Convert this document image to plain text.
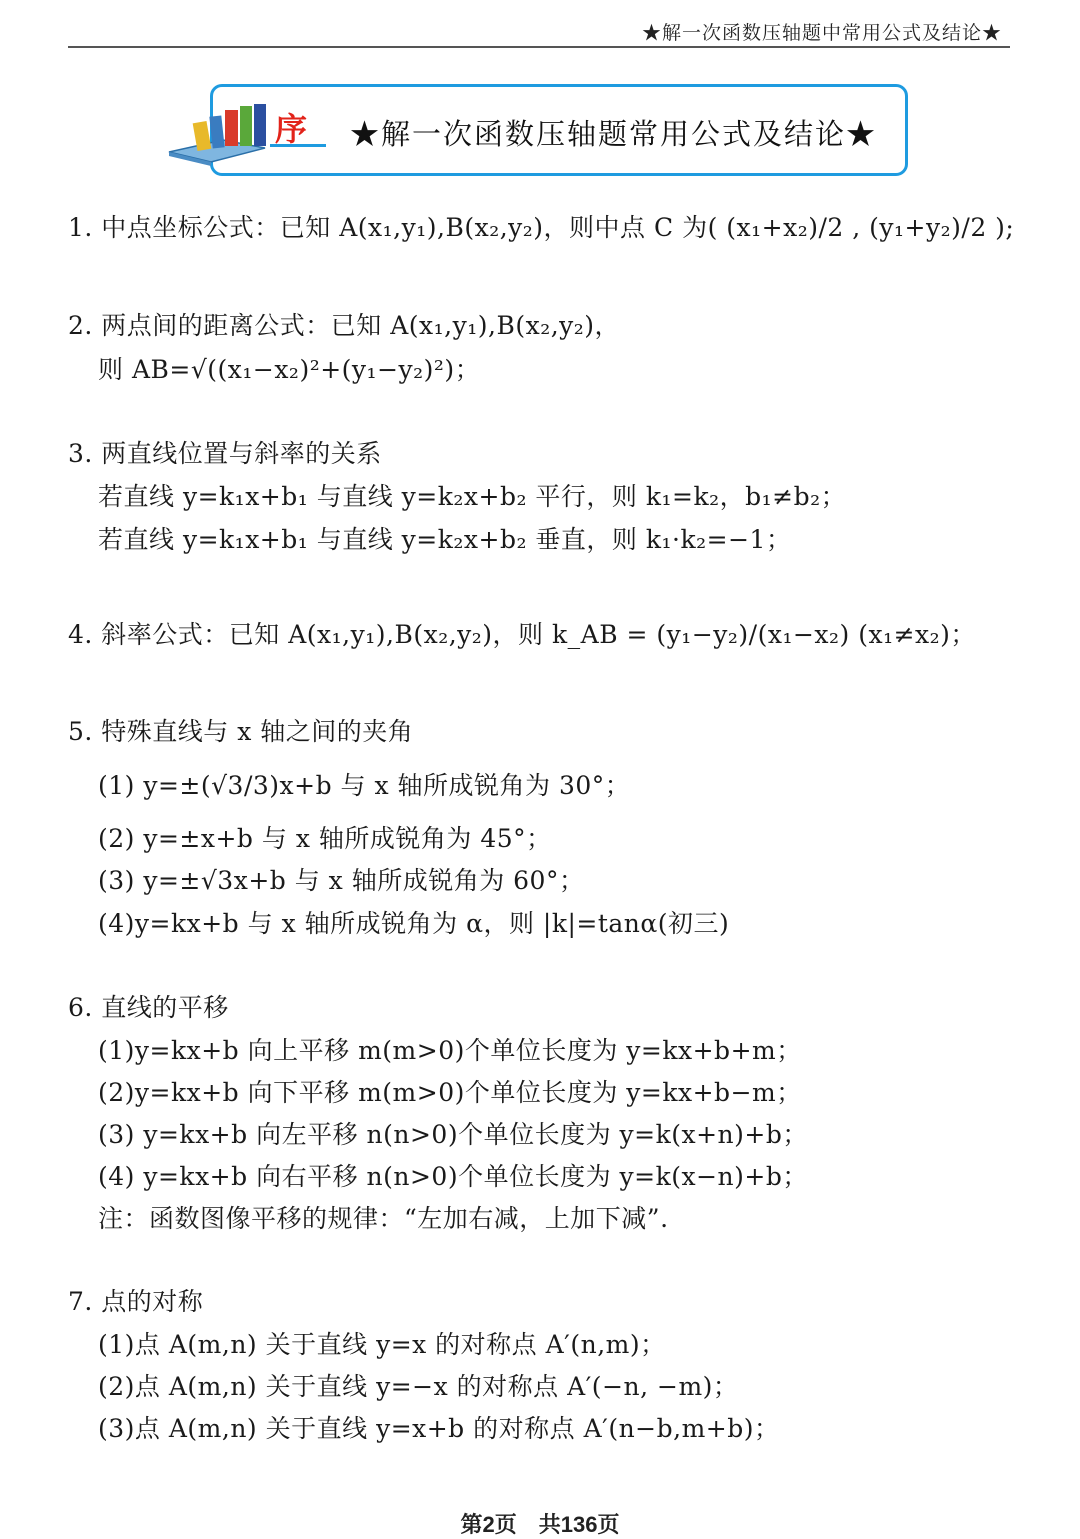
★解一次函数压轴题中常用公式及结论★
序 ★解一次函数压轴题常用公式及结论★
1. 中点坐标公式：已知 A(x₁,y₁),B(x₂,y₂)，则中点 C 为( (x₁+x₂)/2 , (y₁+y₂)/2 );
2. 两点间的距离公式：已知 A(x₁,y₁),B(x₂,y₂)，
则 AB=√((x₁−x₂)²+(y₁−y₂)²)；
3. 两直线位置与斜率的关系
若直线 y=k₁x+b₁ 与直线 y=k₂x+b₂ 平行，则 k₁=k₂，b₁≠b₂；
若直线 y=k₁x+b₁ 与直线 y=k₂x+b₂ 垂直，则 k₁·k₂=−1；
4. 斜率公式：已知 A(x₁,y₁),B(x₂,y₂)，则 k_AB = (y₁−y₂)/(x₁−x₂) (x₁≠x₂)；
5. 特殊直线与 x 轴之间的夹角
(1) y=±(√3/3)x+b 与 x 轴所成锐角为 30°；
(2) y=±x+b 与 x 轴所成锐角为 45°；
(3) y=±√3x+b 与 x 轴所成锐角为 60°；
(4)y=kx+b 与 x 轴所成锐角为 α，则 |k|=tanα(初三)
6. 直线的平移
(1)y=kx+b 向上平移 m(m>0)个单位长度为 y=kx+b+m；
(2)y=kx+b 向下平移 m(m>0)个单位长度为 y=kx+b−m；
(3) y=kx+b 向左平移 n(n>0)个单位长度为 y=k(x+n)+b；
(4) y=kx+b 向右平移 n(n>0)个单位长度为 y=k(x−n)+b；
注：函数图像平移的规律：“左加右减，上加下减”.
7. 点的对称
(1)点 A(m,n) 关于直线 y=x 的对称点 A′(n,m)；
(2)点 A(m,n) 关于直线 y=−x 的对称点 A′(−n, −m)；
(3)点 A(m,n) 关于直线 y=x+b 的对称点 A′(n−b,m+b)；
第2页　共136页
